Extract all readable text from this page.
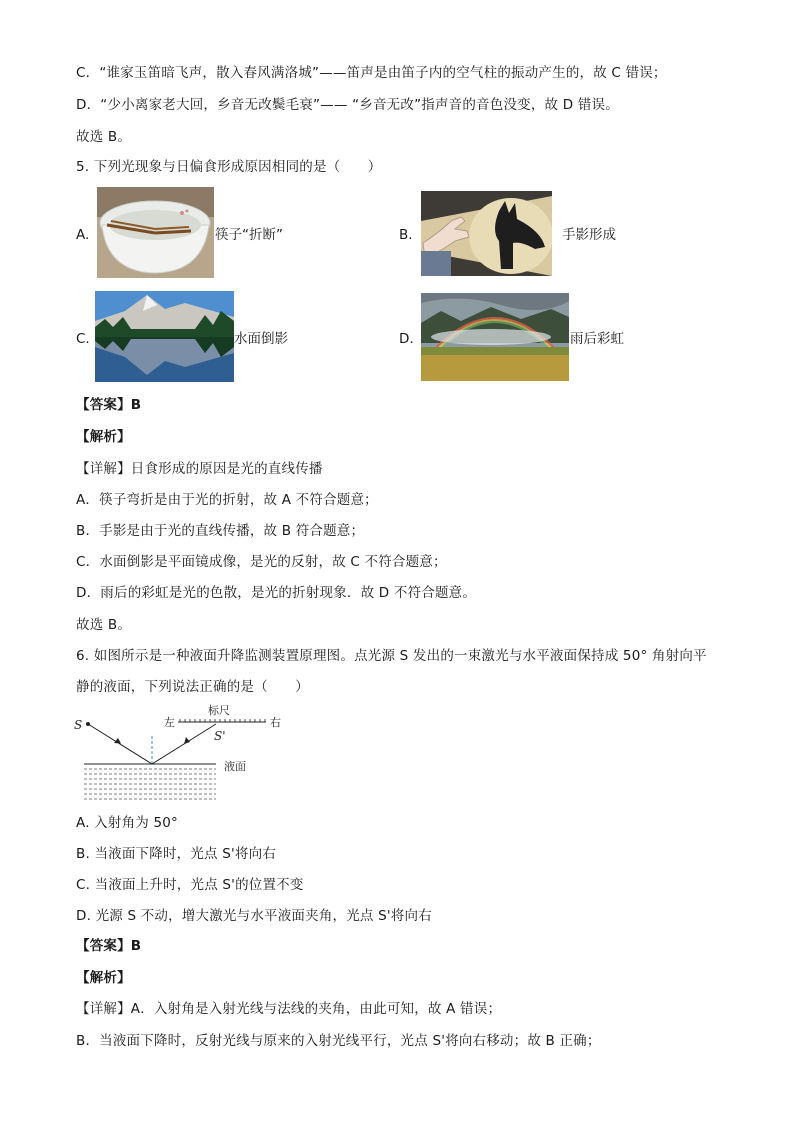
C．“谁家玉笛暗飞声，散入春风满洛城”——笛声是由笛子内的空气柱的振动产生的，故 C 错误；
D．“少小离家老大回，乡音无改鬓毛衰”—— “乡音无改”指声音的音色没变，故 D 错误。
故选 B。
5. 下列光现象与日偏食形成原因相同的是（　　）
A.	筷子“折断”	B.	手影形成
C.	水面倒影	D.	雨后彩虹
【答案】B
【解析】
【详解】日食形成的原因是光的直线传播
A．筷子弯折是由于光的折射，故 A 不符合题意；
B．手影是由于光的直线传播，故 B 符合题意；
C．水面倒影是平面镜成像，是光的反射，故 C 不符合题意；
D．雨后的彩虹是光的色散，是光的折射现象．故 D 不符合题意。
故选 B。
6. 如图所示是一种液面升降监测装置原理图。点光源 S 发出的一束激光与水平液面保持成 50° 角射向平
静的液面，下列说法正确的是（　　）
标尺
左	右
S
S'
液面
A. 入射角为 50°
B. 当液面下降时，光点 S'将向右
C. 当液面上升时，光点 S'的位置不变
D. 光源 S 不动，增大激光与水平液面夹角，光点 S'将向右
【答案】B
【解析】
【详解】A．入射角是入射光线与法线的夹角，由此可知，故 A 错误；
B．当液面下降时，反射光线与原来的入射光线平行，光点 S'将向右移动；故 B 正确；
